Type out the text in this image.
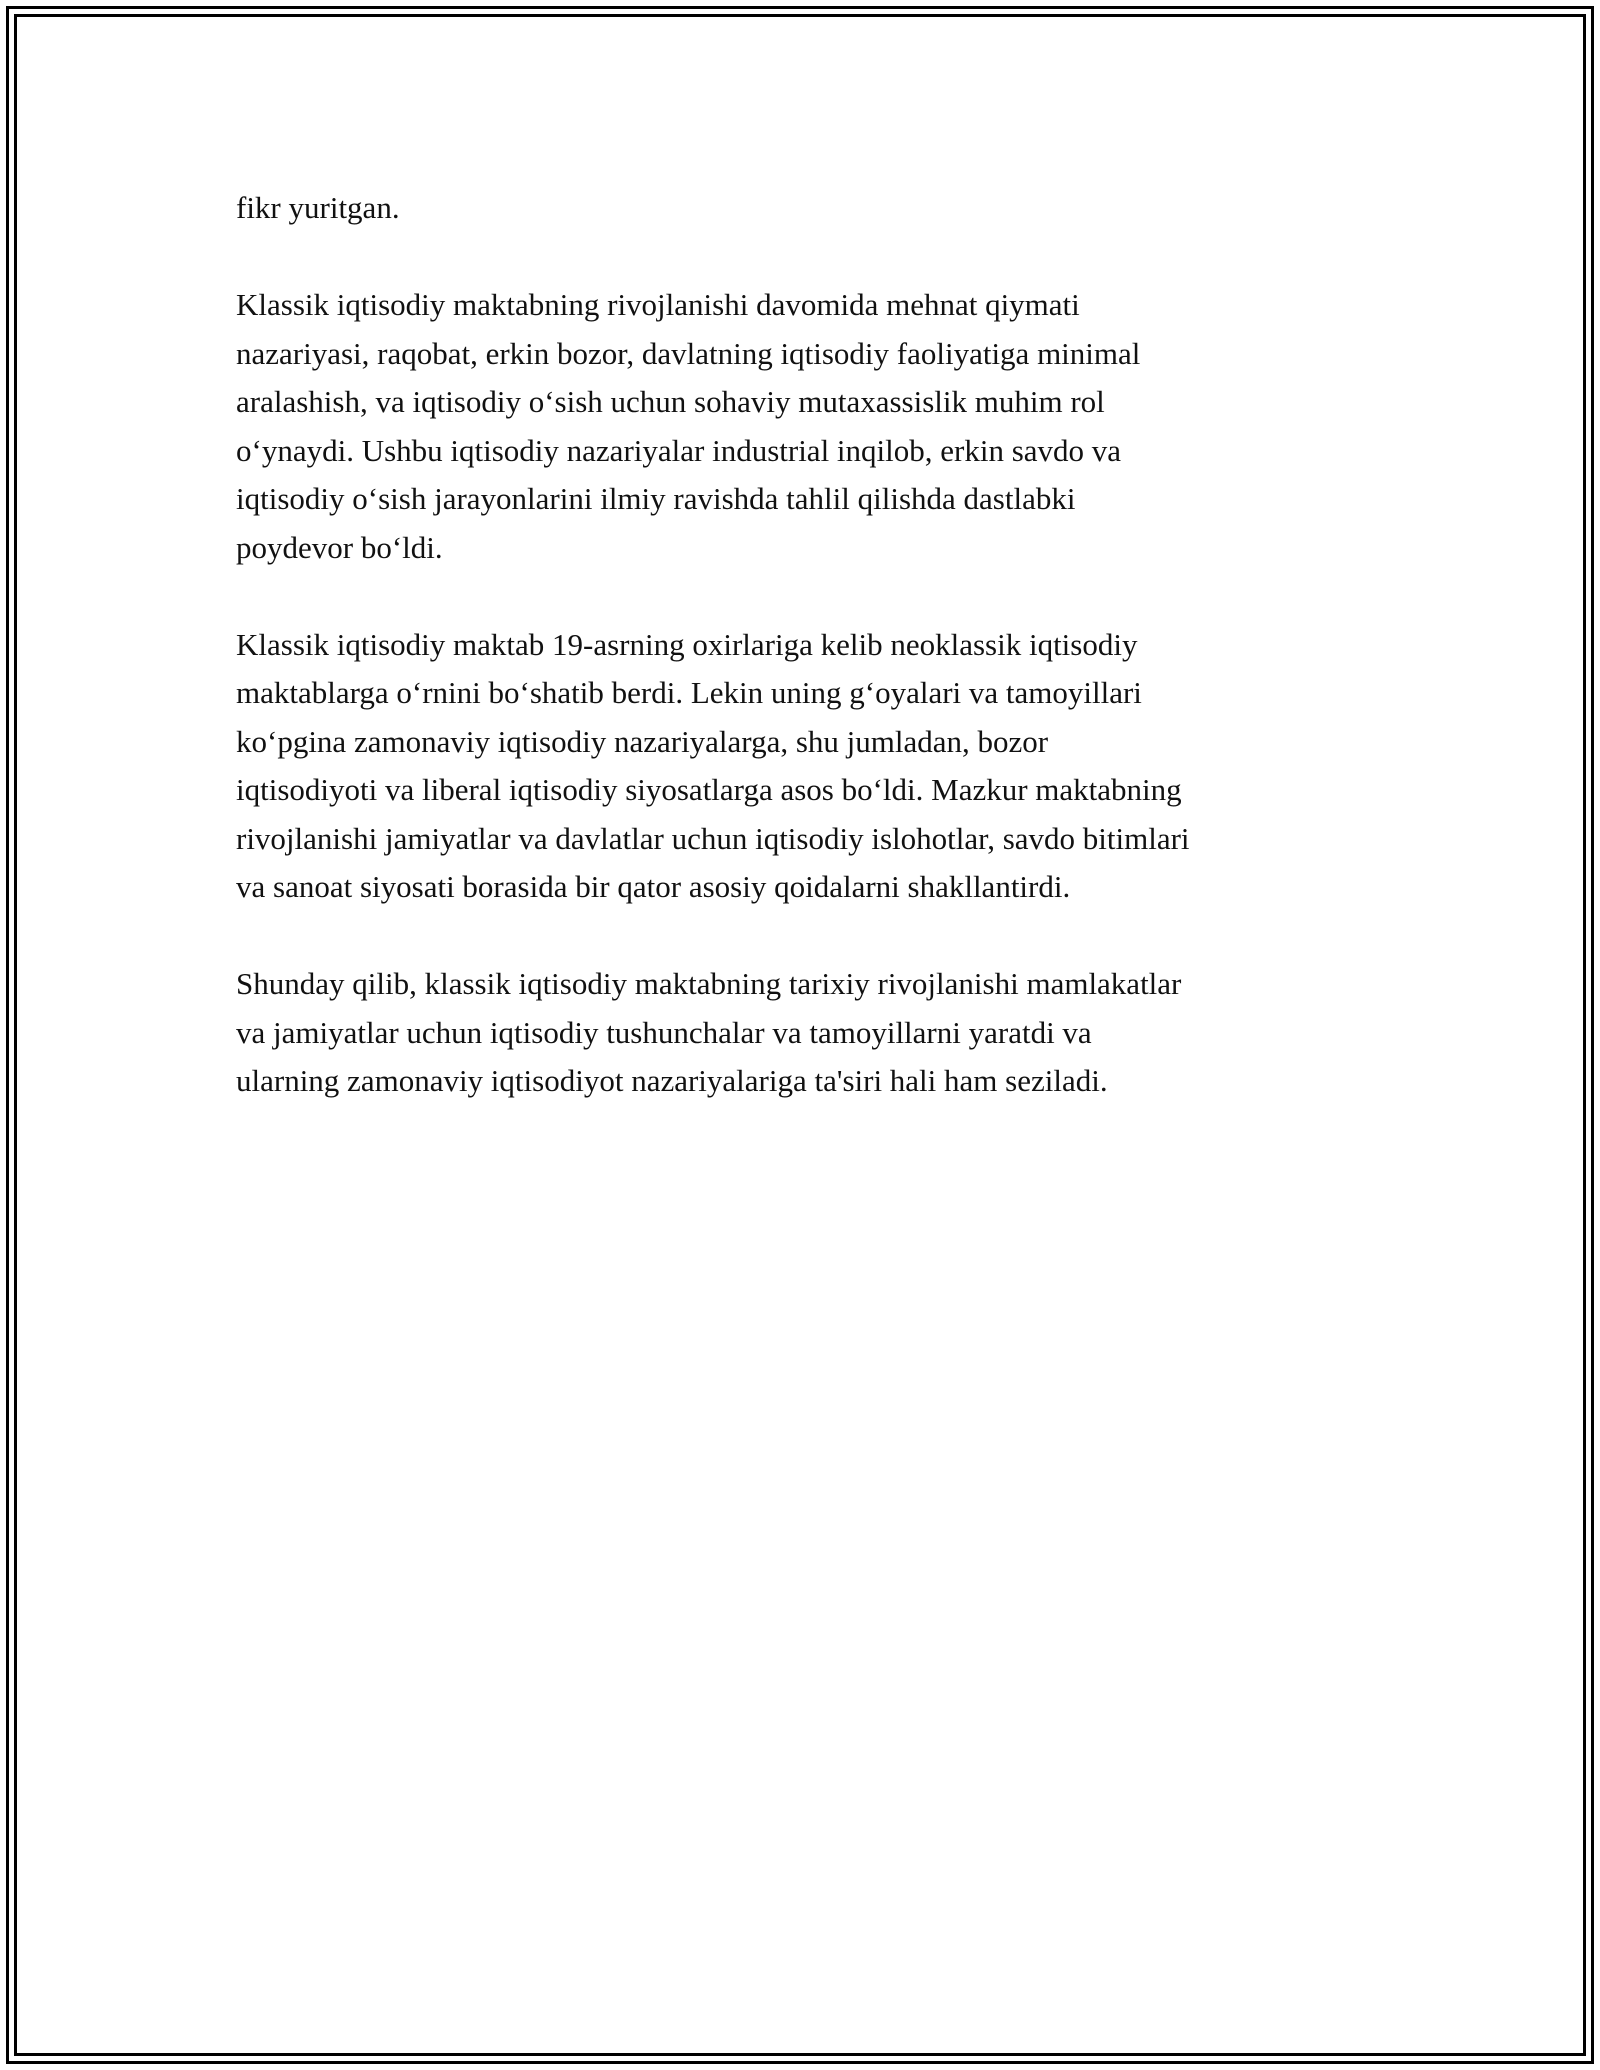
fikr yuritgan.

Klassik iqtisodiy maktabning rivojlanishi davomida mehnat qiymati
nazariyasi, raqobat, erkin bozor, davlatning iqtisodiy faoliyatiga minimal
aralashish, va iqtisodiy o‘sish uchun sohaviy mutaxassislik muhim rol
o‘ynaydi. Ushbu iqtisodiy nazariyalar industrial inqilob, erkin savdo va
iqtisodiy o‘sish jarayonlarini ilmiy ravishda tahlil qilishda dastlabki
poydevor bo‘ldi.

Klassik iqtisodiy maktab 19-asrning oxirlariga kelib neoklassik iqtisodiy
maktablarga o‘rnini bo‘shatib berdi. Lekin uning g‘oyalari va tamoyillari
ko‘pgina zamonaviy iqtisodiy nazariyalarga, shu jumladan, bozor
iqtisodiyoti va liberal iqtisodiy siyosatlarga asos bo‘ldi. Mazkur maktabning
rivojlanishi jamiyatlar va davlatlar uchun iqtisodiy islohotlar, savdo bitimlari
va sanoat siyosati borasida bir qator asosiy qoidalarni shakllantirdi.

Shunday qilib, klassik iqtisodiy maktabning tarixiy rivojlanishi mamlakatlar
va jamiyatlar uchun iqtisodiy tushunchalar va tamoyillarni yaratdi va
ularning zamonaviy iqtisodiyot nazariyalariga ta'siri hali ham seziladi.
